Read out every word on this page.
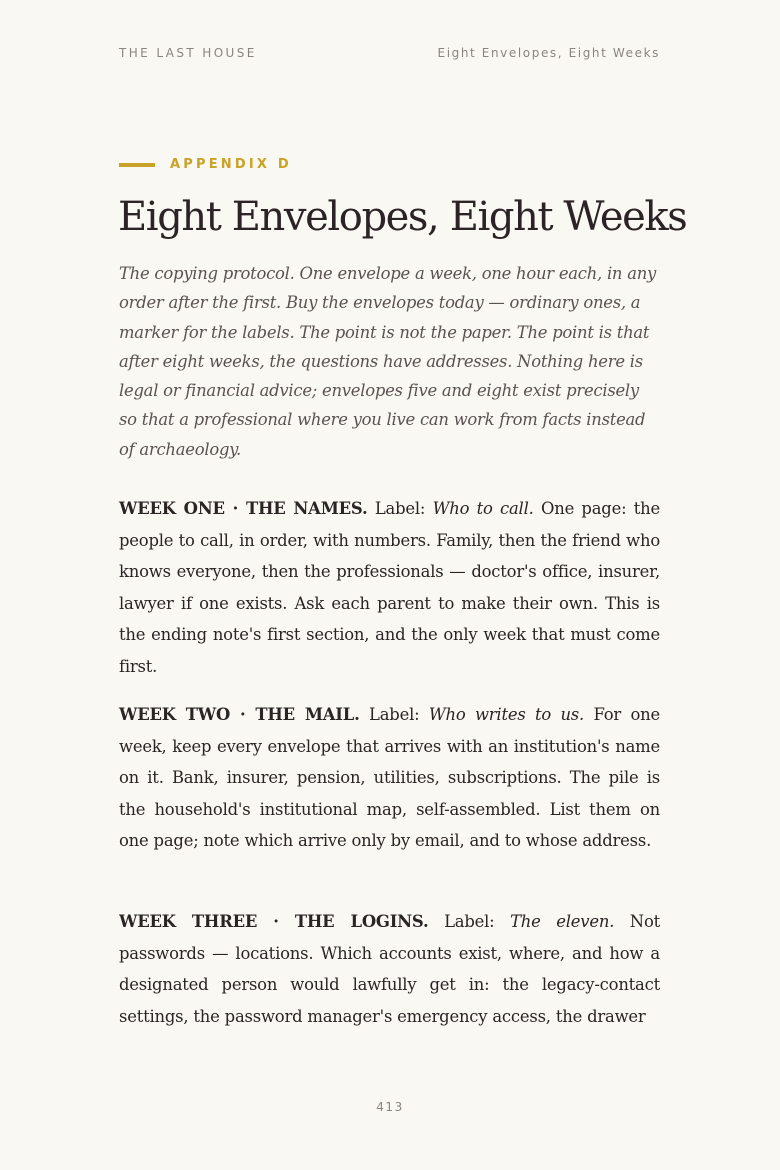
THE LAST HOUSE	Eight Envelopes, Eight Weeks
APPENDIX D
Eight Envelopes, Eight Weeks

The copying protocol. One envelope a week, one hour each, in any order after the first. Buy the envelopes today — ordinary ones, a marker for the labels. The point is not the paper. The point is that after eight weeks, the questions have addresses. Nothing here is legal or financial advice; envelopes five and eight exist precisely so that a professional where you live can work from facts instead of archaeology.

WEEK ONE · THE NAMES. Label: Who to call. One page: the people to call, in order, with numbers. Family, then the friend who knows everyone, then the professionals — doctor's office, insurer, lawyer if one exists. Ask each parent to make their own. This is the ending note's first section, and the only week that must come first.

WEEK TWO · THE MAIL. Label: Who writes to us. For one week, keep every envelope that arrives with an institution's name on it. Bank, insurer, pension, utilities, subscriptions. The pile is the household's institutional map, self-assembled. List them on one page; note which arrive only by email, and to whose address.

WEEK THREE · THE LOGINS. Label: The eleven. Not passwords — locations. Which accounts exist, where, and how a designated person would lawfully get in: the legacy-contact settings, the password manager's emergency access, the drawer

413
